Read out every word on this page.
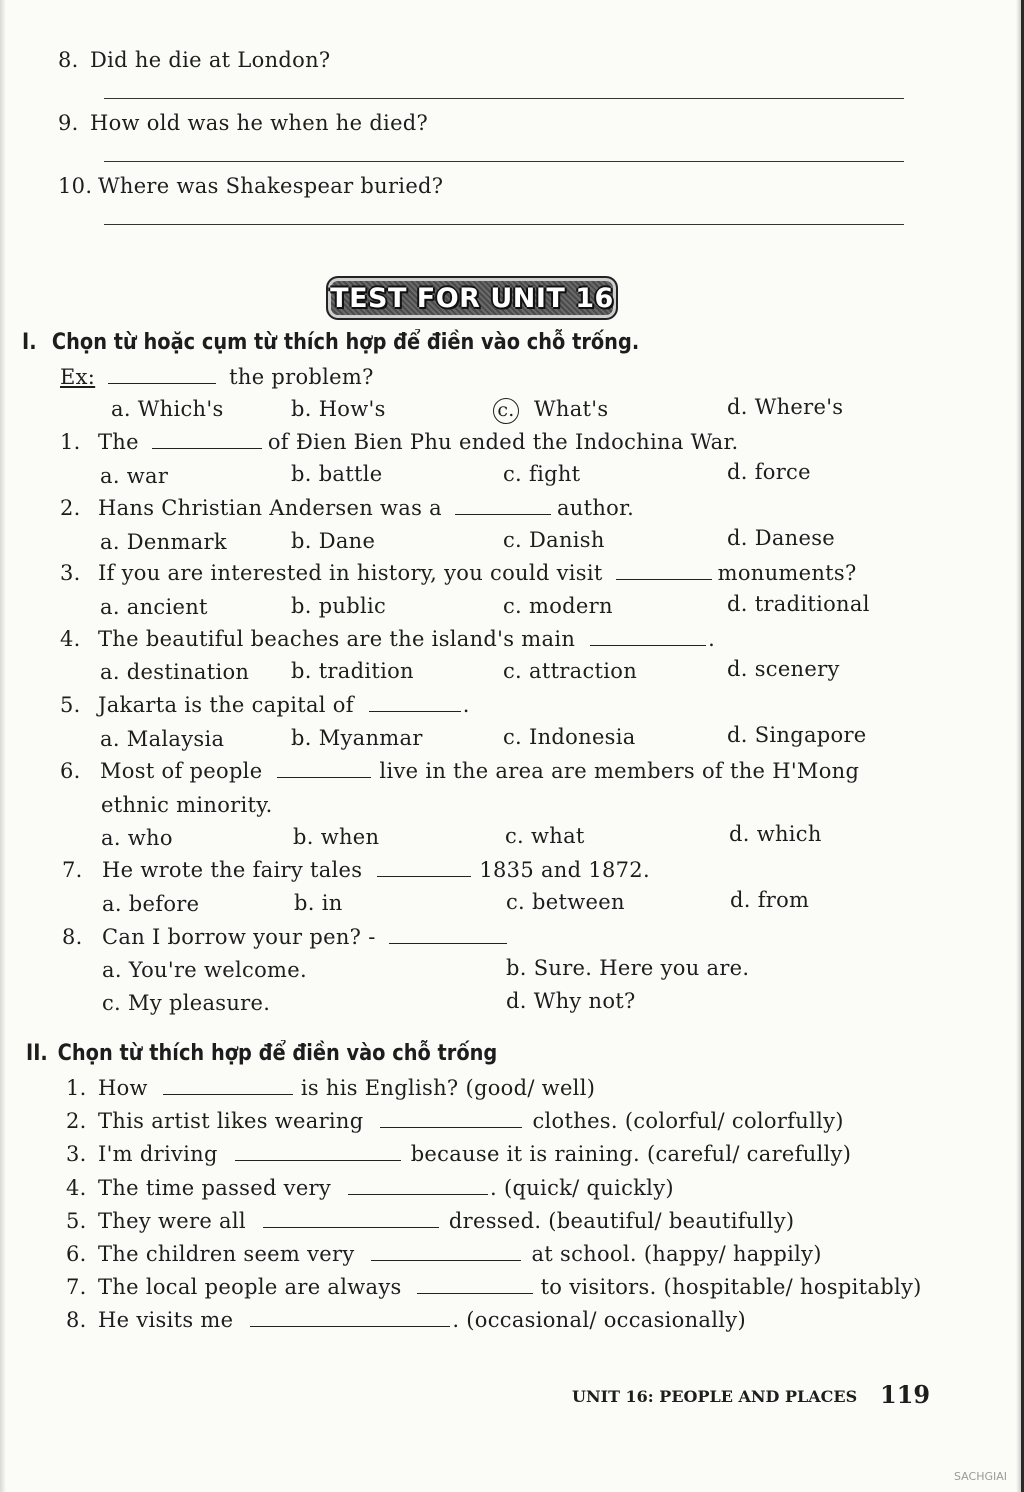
8. Did he die at London?
9. How old was he when he died?
10. Where was Shakespear buried?
TEST FOR UNIT 16
I. Chọn từ hoặc cụm từ thích hợp để điền vào chỗ trống.
Ex:	the problem?
a. Which's	b. How's	c. What's	d. Where's
1. The	of Đien Bien Phu ended the Indochina War.
a. war	b. battle	c. fight	d. force
2. Hans Christian Andersen was a	author.
a. Denmark	b. Dane	c. Danish	d. Danese
3. If you are interested in history, you could visit	monuments?
a. ancient	b. public	c. modern	d. traditional
4. The beautiful beaches are the island's main	.
a. destination b. tradition	c. attraction	d. scenery
5. Jakarta is the capital of	.
a. Malaysia	b. Myanmar	c. Indonesia	d. Singapore
6. Most of people	live in the area are members of the H'Mong
ethnic minority.
a. who	b. when	c. what	d. which
7. He wrote the fairy tales	1835 and 1872.
a. before	b. in	c. between	d. from
8. Can I borrow your pen? -
a. You're welcome.	b. Sure. Here you are.
c. My pleasure.	d. Why not?
II. Chọn từ thích hợp để điền vào chỗ trống
1. How	is his English? (good/ well)
2. This artist likes wearing	clothes. (colorful/ colorfully)
3. I'm driving	because it is raining. (careful/ carefully)
4. The time passed very	. (quick/ quickly)
5. They were all	dressed. (beautiful/ beautifully)
6. The children seem very	at school. (happy/ happily)
7. The local people are always	to visitors. (hospitable/ hospitably)
8. He visits me	. (occasional/ occasionally)
UNIT 16: PEOPLE AND PLACES 119
SACHGIAI
